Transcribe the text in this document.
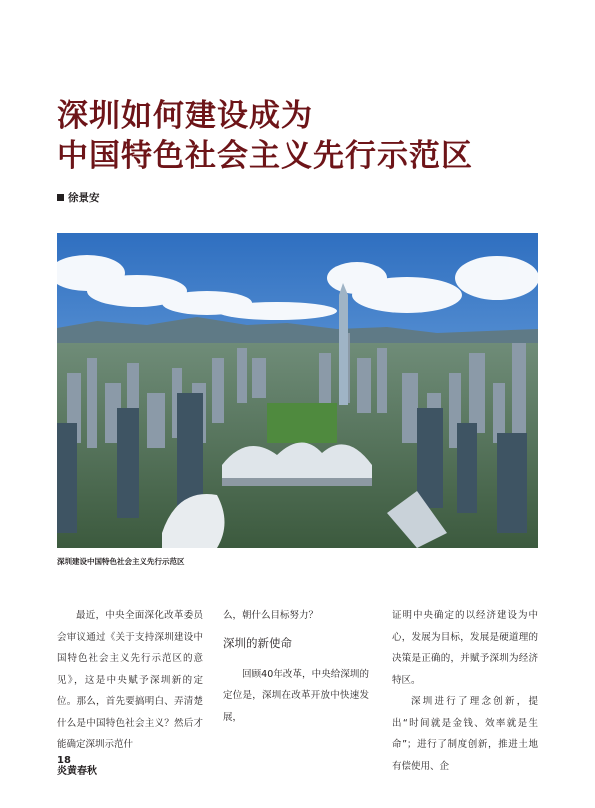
深圳如何建设成为
中国特色社会主义先行示范区
徐景安
深圳建设中国特色社会主义先行示范区

最近，中央全面深化改革委员会审议通过《关于支持深圳建设中国特色社会主义先行示范区的意见》，这是中央赋予深圳新的定位。那么，首先要搞明白、弄清楚什么是中国特色社会主义？然后才能确定深圳示范什

么，朝什么目标努力？

深圳的新使命

回顾40年改革，中央给深圳的定位是，深圳在改革开放中快速发展，

证明中央确定的以经济建设为中心，发展为目标，发展是硬道理的决策是正确的，并赋予深圳为经济特区。

深圳进行了理念创新，提出“时间就是金钱、效率就是生命”；进行了制度创新，推进土地有偿使用、企

18
炎黄春秋
